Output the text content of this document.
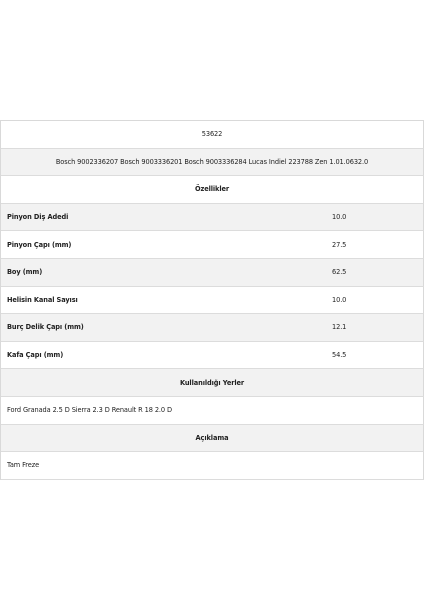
53622
Bosch 9002336207 Bosch 9003336201 Bosch 9003336284 Lucas Indiel 223788 Zen 1.01.0632.0
Özellikler
Pinyon Diş Adedi	10.0
Pinyon Çapı (mm)	27.5
Boy (mm)	62.5
Helisin Kanal Sayısı	10.0
Burç Delik Çapı (mm)	12.1
Kafa Çapı (mm)	54.5
Kullanıldığı Yerler
Ford Granada 2.5 D Sierra 2.3 D Renault R 18 2.0 D
Açıklama
Tam Freze
